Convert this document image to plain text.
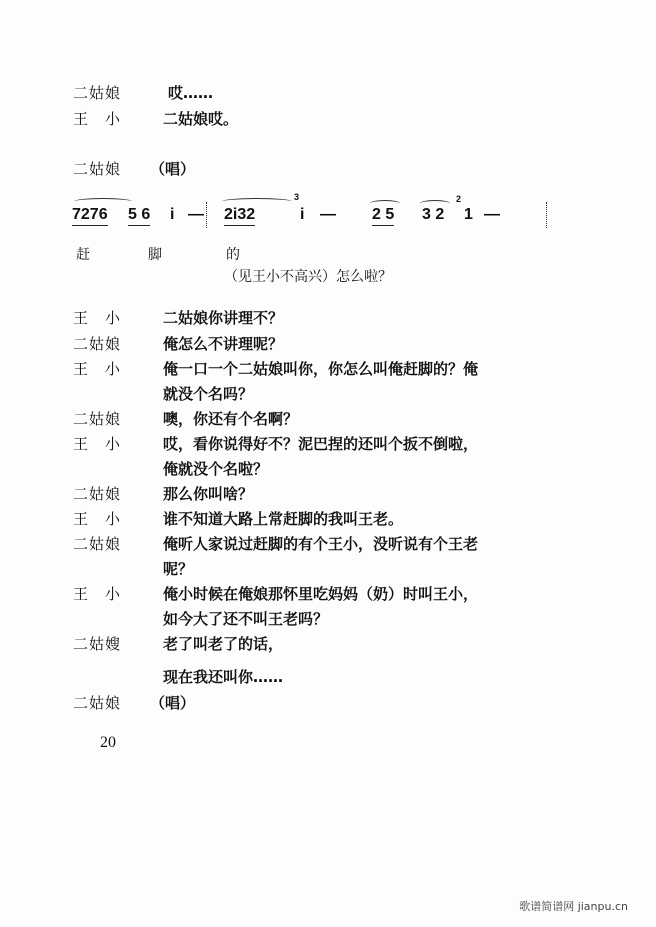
二姑娘	哎……
王　小	二姑娘哎。
二姑娘	（唱）
7276 5 6 i — 2i32
3
i — 2 5 3 2
2
1 —
赶	脚	的
（见王小不高兴）怎么啦？
王　小	二姑娘你讲理不？
二姑娘	俺怎么不讲理呢？
王　小	俺一口一个二姑娘叫你，你怎么叫俺赶脚的？俺
就没个名吗？
二姑娘	噢，你还有个名啊？
王　小	哎，看你说得好不？泥巴捏的还叫个扳不倒啦，
俺就没个名啦？
二姑娘	那么你叫啥？
王　小	谁不知道大路上常赶脚的我叫王老。
二姑娘	俺听人家说过赶脚的有个王小，没听说有个王老
呢？
王　小	俺小时候在俺娘那怀里吃妈妈（奶）时叫王小，
如今大了还不叫王老吗？
二姑嫂	老了叫老了的话，
现在我还叫你……
二姑娘	（唱）
20
歌谱简谱网 jianpu.cn
